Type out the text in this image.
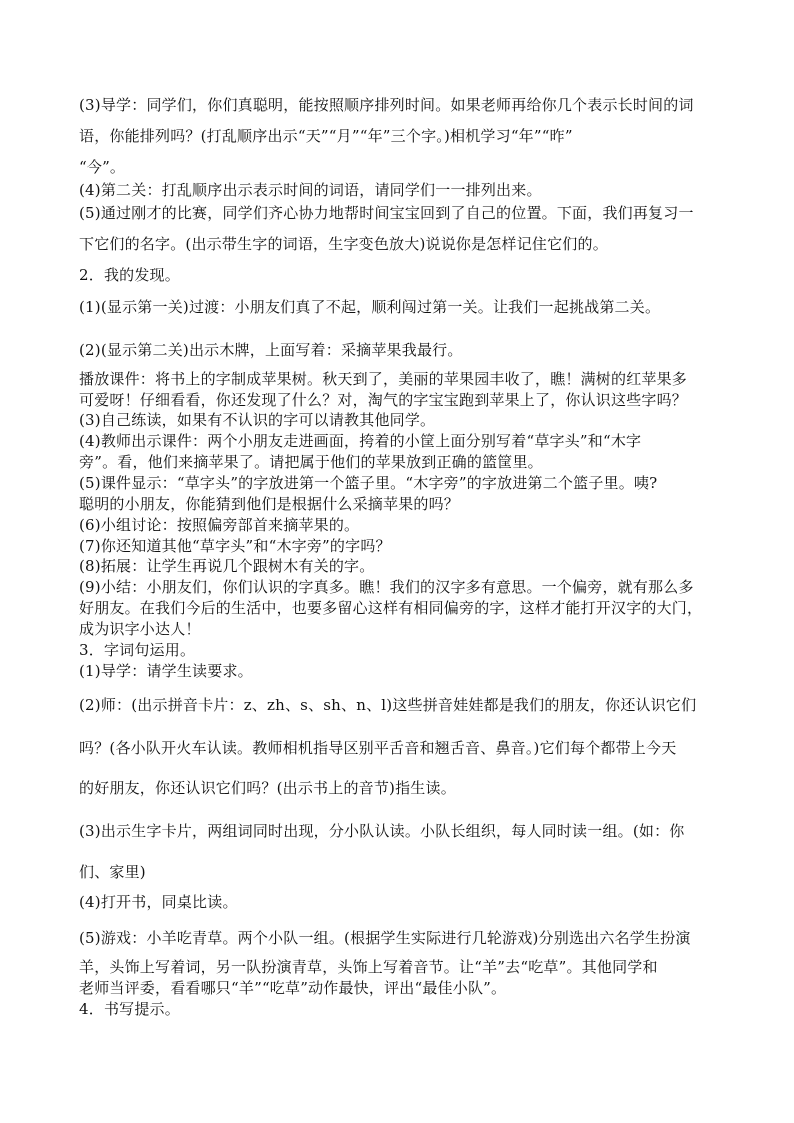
(3)导学：同学们，你们真聪明，能按照顺序排列时间。如果老师再给你几个表示长时间的词
语，你能排列吗？(打乱顺序出示“天”“月”“年”三个字。)相机学习“年”“昨”
“今”。
(4)第二关：打乱顺序出示表示时间的词语，请同学们一一排列出来。
(5)通过刚才的比赛，同学们齐心协力地帮时间宝宝回到了自己的位置。下面，我们再复习一
下它们的名字。(出示带生字的词语，生字变色放大)说说你是怎样记住它们的。
2．我的发现。
(1)(显示第一关)过渡：小朋友们真了不起，顺利闯过第一关。让我们一起挑战第二关。
(2)(显示第二关)出示木牌，上面写着：采摘苹果我最行。
播放课件：将书上的字制成苹果树。秋天到了，美丽的苹果园丰收了，瞧！满树的红苹果多
可爱呀！仔细看看，你还发现了什么？对，淘气的字宝宝跑到苹果上了，你认识这些字吗？
(3)自己练读，如果有不认识的字可以请教其他同学。
(4)教师出示课件：两个小朋友走进画面，挎着的小筐上面分别写着“草字头”和“木字
旁”。看，他们来摘苹果了。请把属于他们的苹果放到正确的篮筐里。
(5)课件显示：“草字头”的字放进第一个篮子里。“木字旁”的字放进第二个篮子里。咦?
聪明的小朋友，你能猜到他们是根据什么采摘苹果的吗？
(6)小组讨论：按照偏旁部首来摘苹果的。
(7)你还知道其他“草字头”和“木字旁”的字吗？
(8)拓展：让学生再说几个跟树木有关的字。
(9)小结：小朋友们，你们认识的字真多。瞧！我们的汉字多有意思。一个偏旁，就有那么多
好朋友。在我们今后的生活中，也要多留心这样有相同偏旁的字，这样才能打开汉字的大门，
成为识字小达人！
3．字词句运用。
(1)导学：请学生读要求。
(2)师：(出示拼音卡片：z、zh、s、sh、n、l)这些拼音娃娃都是我们的朋友，你还认识它们
吗？(各小队开火车认读。教师相机指导区别平舌音和翘舌音、鼻音。)它们每个都带上今天
的好朋友，你还认识它们吗？(出示书上的音节)指生读。
(3)出示生字卡片，两组词同时出现，分小队认读。小队长组织，每人同时读一组。(如：你
们、家里)
(4)打开书，同桌比读。
(5)游戏：小羊吃青草。两个小队一组。(根据学生实际进行几轮游戏)分别选出六名学生扮演
羊，头饰上写着词，另一队扮演青草，头饰上写着音节。让“羊”去“吃草”。其他同学和
老师当评委，看看哪只“羊”“吃草”动作最快，评出“最佳小队”。
4．书写提示。
